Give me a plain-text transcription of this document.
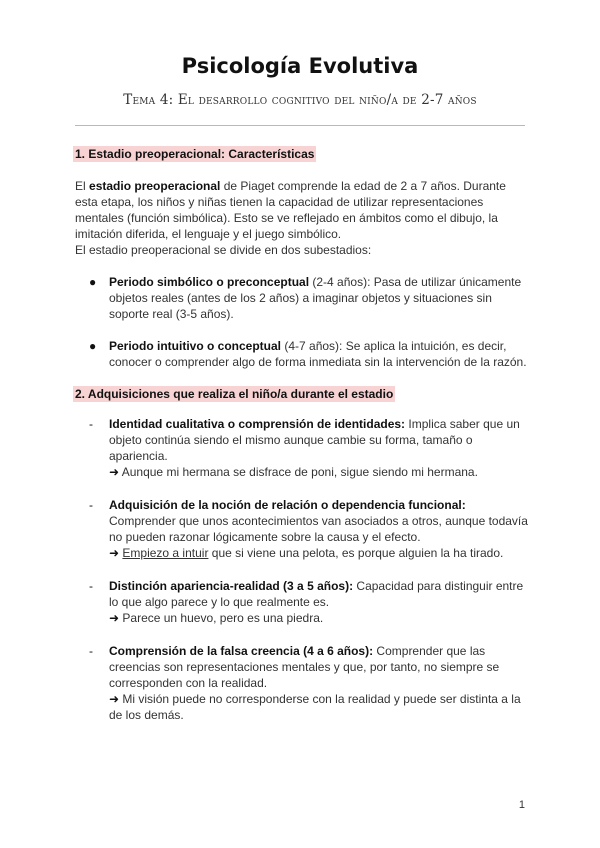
Psicología Evolutiva
Tema 4: El desarrollo cognitivo del niño/a de 2-7 años
1. Estadio preoperacional: Características
El estadio preoperacional de Piaget comprende la edad de 2 a 7 años. Durante esta etapa, los niños y niñas tienen la capacidad de utilizar representaciones mentales (función simbólica). Esto se ve reflejado en ámbitos como el dibujo, la imitación diferida, el lenguaje y el juego simbólico.
El estadio preoperacional se divide en dos subestadios:
● Periodo simbólico o preconceptual (2-4 años): Pasa de utilizar únicamente objetos reales (antes de los 2 años) a imaginar objetos y situaciones sin soporte real (3-5 años).
● Periodo intuitivo o conceptual (4-7 años): Se aplica la intuición, es decir, conocer o comprender algo de forma inmediata sin la intervención de la razón.
2. Adquisiciones que realiza el niño/a durante el estadio
- Identidad cualitativa o comprensión de identidades: Implica saber que un objeto continúa siendo el mismo aunque cambie su forma, tamaño o apariencia.
➜ Aunque mi hermana se disfrace de poni, sigue siendo mi hermana.
- Adquisición de la noción de relación o dependencia funcional: Comprender que unos acontecimientos van asociados a otros, aunque todavía no pueden razonar lógicamente sobre la causa y el efecto.
➜ Empiezo a intuir que si viene una pelota, es porque alguien la ha tirado.
- Distinción apariencia-realidad (3 a 5 años): Capacidad para distinguir entre lo que algo parece y lo que realmente es.
➜ Parece un huevo, pero es una piedra.
- Comprensión de la falsa creencia (4 a 6 años): Comprender que las creencias son representaciones mentales y que, por tanto, no siempre se corresponden con la realidad.
➜ Mi visión puede no corresponderse con la realidad y puede ser distinta a la de los demás.
1
